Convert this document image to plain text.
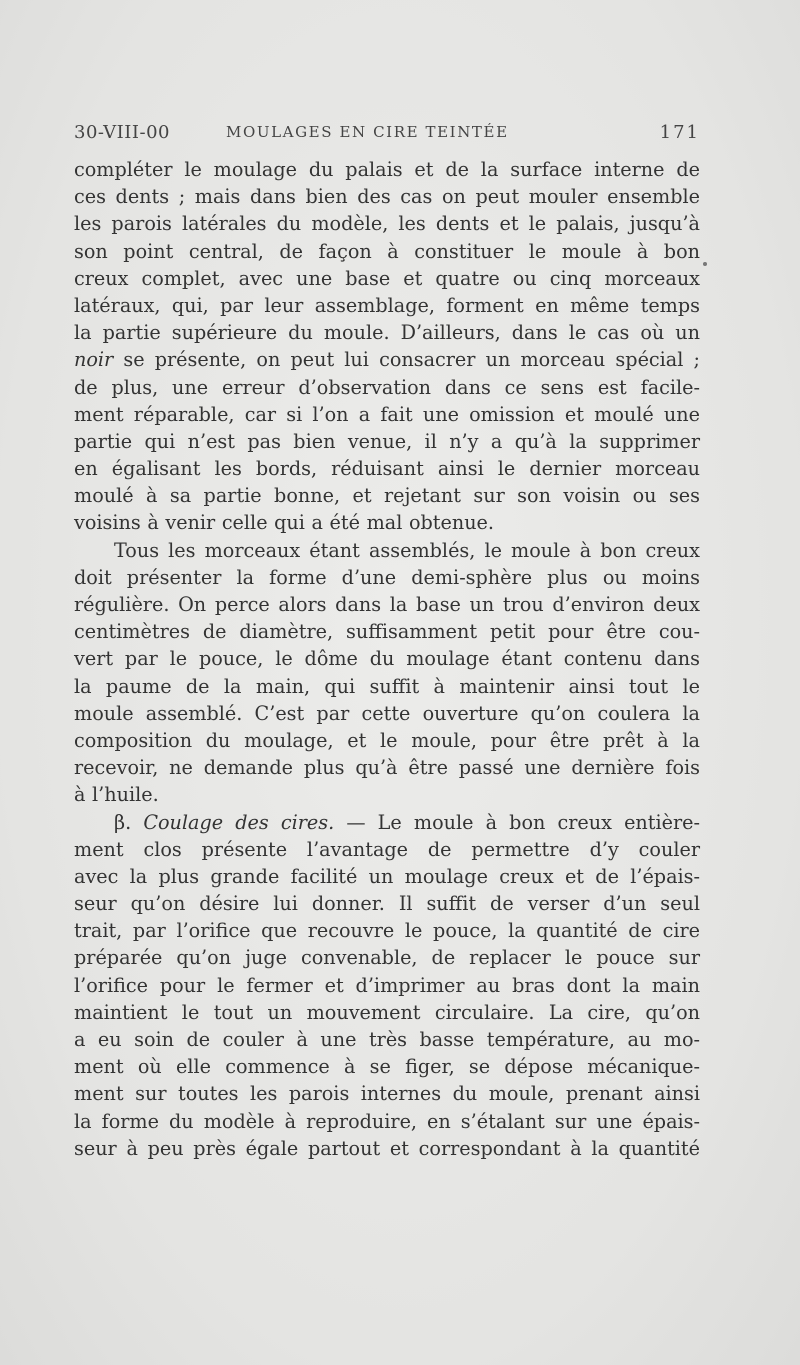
30-VIII-00	MOULAGES EN CIRE TEINTÉE	171
compléter le moulage du palais et de la surface interne de
ces dents ; mais dans bien des cas on peut mouler ensemble
les parois latérales du modèle, les dents et le palais, jusqu’à
son point central, de façon à constituer le moule à bon
creux complet, avec une base et quatre ou cinq morceaux
latéraux, qui, par leur assemblage, forment en même temps
la partie supérieure du moule. D’ailleurs, dans le cas où un
noir se présente, on peut lui consacrer un morceau spécial ;
de plus, une erreur d’observation dans ce sens est facile-
ment réparable, car si l’on a fait une omission et moulé une
partie qui n’est pas bien venue, il n’y a qu’à la supprimer
en égalisant les bords, réduisant ainsi le dernier morceau
moulé à sa partie bonne, et rejetant sur son voisin ou ses
voisins à venir celle qui a été mal obtenue.
Tous les morceaux étant assemblés, le moule à bon creux
doit présenter la forme d’une demi-sphère plus ou moins
régulière. On perce alors dans la base un trou d’environ deux
centimètres de diamètre, suffisamment petit pour être cou-
vert par le pouce, le dôme du moulage étant contenu dans
la paume de la main, qui suffit à maintenir ainsi tout le
moule assemblé. C’est par cette ouverture qu’on coulera la
composition du moulage, et le moule, pour être prêt à la
recevoir, ne demande plus qu’à être passé une dernière fois
à l’huile.
β. Coulage des cires. — Le moule à bon creux entière-
ment clos présente l’avantage de permettre d’y couler
avec la plus grande facilité un moulage creux et de l’épais-
seur qu’on désire lui donner. Il suffit de verser d’un seul
trait, par l’orifice que recouvre le pouce, la quantité de cire
préparée qu’on juge convenable, de replacer le pouce sur
l’orifice pour le fermer et d’imprimer au bras dont la main
maintient le tout un mouvement circulaire. La cire, qu’on
a eu soin de couler à une très basse température, au mo-
ment où elle commence à se figer, se dépose mécanique-
ment sur toutes les parois internes du moule, prenant ainsi
la forme du modèle à reproduire, en s’étalant sur une épais-
seur à peu près égale partout et correspondant à la quantité
